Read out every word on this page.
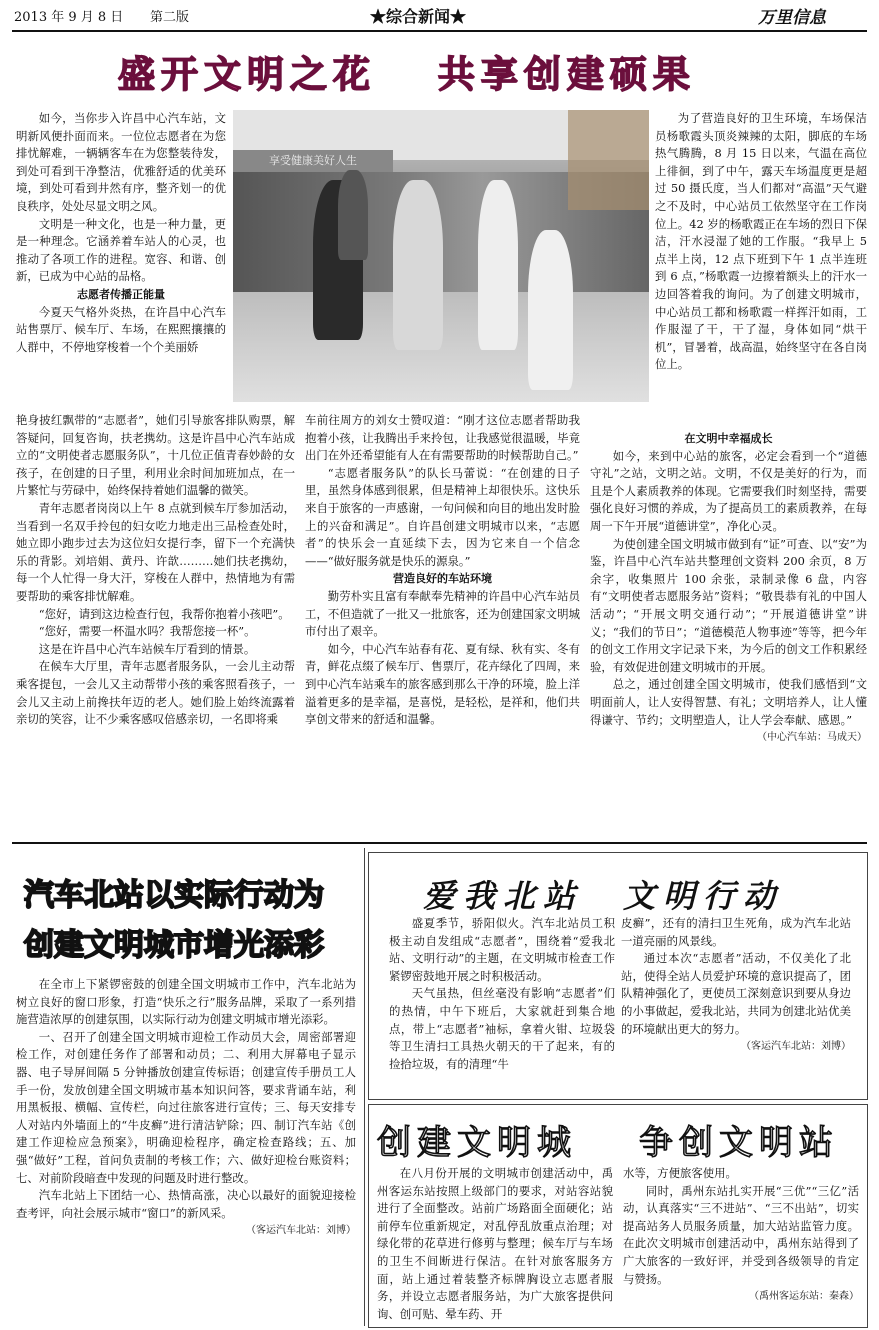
2013 年 9 月 8 日 第二版	★综合新闻★	万里信息
盛开文明之花　 共享创建硕果
享受健康美好人生

如今，当你步入许昌中心汽车站，文明新风便扑面而来。一位位志愿者在为您排忧解难，一辆辆客车在为您整装待发，到处可看到干净整洁，优雅舒适的优美环境，到处可看到井然有序，整齐划一的优良秩序，处处尽显文明之风。

文明是一种文化，也是一种力量，更是一种理念。它涵养着车站人的心灵，也推动了各项工作的进程。宽容、和谐、创新，已成为中心站的品格。

志愿者传播正能量

今夏天气格外炎热，在许昌中心汽车站售票厅、候车厅、车场，在熙熙攘攘的人群中，不停地穿梭着一个个美丽娇

为了营造良好的卫生环境，车场保洁员杨歌霞头顶炎辣辣的太阳，脚底的车场热气腾腾，8 月 15 日以来，气温在高位上徘徊，到了中午，露天车场温度更是超过 50 摄氏度，当人们都对“高温”天气避之不及时，中心站员工依然坚守在工作岗位上。42 岁的杨歌霞正在车场的烈日下保洁，汗水浸湿了她的工作服。“我早上 5 点半上岗，12 点下班到下午 1 点半连班到 6 点，”杨歌霞一边擦着额头上的汗水一边回答着我的询问。为了创建文明城市，中心站员工都和杨歌霞一样挥汗如雨，工作服湿了干，干了湿，身体如同“烘干机”，冒暑着，战高温，始终坚守在各自岗位上。

艳身披红飘带的“志愿者”，她们引导旅客排队购票，解答疑问，回复咨询，扶老携幼。这是许昌中心汽车站成立的“文明使者志愿服务队”，十几位正值青春妙龄的女孩子，在创建的日子里，利用业余时间加班加点，在一片繁忙与劳碌中，始终保持着她们温馨的微笑。

青年志愿者岗岗以上午 8 点就到候车厅参加活动，当看到一名双手拎包的妇女吃力地走出三品检查处时，她立即小跑步过去为这位妇女提行李，留下一个充满快乐的背影。刘培娟、黄丹、许歆………她们扶老携幼，每一个人忙得一身大汗，穿梭在人群中，热情地为有需要帮助的乘客排忧解难。

“您好，请到这边检查行包，我帮你抱着小孩吧”。

“您好，需要一杯温水吗？我帮您接一杯”。

这是在许昌中心汽车站候车厅看到的情景。

在候车大厅里，青年志愿者服务队，一会儿主动帮乘客提包，一会儿又主动帮带小孩的乘客照看孩子，一会儿又主动上前搀扶年迈的老人。她们脸上始终流露着亲切的笑容，让不少乘客感叹倍感亲切，一名即将乘

车前往周方的刘女士赞叹道：“刚才这位志愿者帮助我抱着小孩，让我腾出手来拎包，让我感觉很温暖，毕竟出门在外还希望能有人在有需要帮助的时候帮助自己。”

“志愿者服务队”的队长马蕾说：“在创建的日子里，虽然身体感到很累，但是精神上却很快乐。这快乐来自于旅客的一声感谢，一句问候和向目的地出发时脸上的兴奋和满足”。自许昌创建文明城市以来，“志愿者”的快乐会一直延续下去，因为它来自一个信念——“做好服务就是快乐的源泉。”

营造良好的车站环境

勤劳朴实且富有奉献奉先精神的许昌中心汽车站员工，不但造就了一批又一批旅客，还为创建国家文明城市付出了艰辛。

如今，中心汽车站春有花、夏有绿、秋有实、冬有青，鲜花点缀了候车厅、售票厅，花卉绿化了四周，来到中心汽车站乘车的旅客感到那么干净的环境，脸上洋溢着更多的是幸福，是喜悦，是轻松，是祥和，他们共享创文带来的舒适和温馨。

在文明中幸福成长

如今，来到中心站的旅客，必定会看到一个“道德守礼”之站，文明之站。文明，不仅是美好的行为，而且是个人素质教养的体现。它需要我们时刻坚持，需要强化良好习惯的养成，为了提高员工的素质教养，在每周一下午开展“道德讲堂”，净化心灵。

为使创建全国文明城市做到有“证”可查、以“安”为鉴，许昌中心汽车站共整理创文资料 200 余页，8 万余字，收集照片 100 余张，录制录像 6 盘，内容有“文明使者志愿服务站”资料；“敬畏恭有礼的中国人活动”；“开展文明交通行动”；“开展道德讲堂”讲义；“我们的节日”；“道德模范人物事迹”等等，把今年的创文工作用文字记录下来，为今后的创文工作积累经验，有效促进创建文明城市的开展。

总之，通过创建全国文明城市，使我们感悟到“文明面前人，让人安得智慧、有礼；文明培养人，让人懂得谦守、节约；文明塑造人，让人学会奉献、感恩。”

（中心汽车站：马成天）

汽车北站以实际行动为
创建文明城市增光添彩

在全市上下紧锣密鼓的创建全国文明城市工作中，汽车北站为树立良好的窗口形象，打造“快乐之行”服务品牌，采取了一系列措施营造浓厚的创建氛围，以实际行动为创建文明城市增光添彩。

一、召开了创建全国文明城市迎检工作动员大会，周密部署迎检工作，对创建任务作了部署和动员；二、利用大屏幕电子显示器、电子导屏间隔 5 分钟播放创建宣传标语；创建宣传手册员工人手一份，发放创建全国文明城市基本知识问答，要求背诵车站，利用黑板报、横幅、宣传栏，向过往旅客进行宣传；三、每天安排专人对站内外墙面上的“牛皮癣”进行清洁铲除；四、制订汽车站《创建工作迎检应急预案》，明确迎检程序，确定检查路线；五、加强“做好”工程，首问负责制的考核工作；六、做好迎检台账资料；七、对前阶段暗查中发现的问题及时进行整改。

汽车北站上下团结一心、热情高涨，决心以最好的面貌迎接检查考评，向社会展示城市“窗口”的新风采。

（客运汽车北站：刘博）

爱我北站　文明行动

盛夏季节，骄阳似火。汽车北站员工积极主动自发组成“志愿者”，围绕着“爱我北站、文明行动”的主题，在文明城市检查工作紧锣密鼓地开展之时积极活动。

天气虽热，但丝毫没有影响“志愿者”们的热情，中午下班后，大家就赶到集合地点，带上“志愿者”袖标，拿着火钳、垃圾袋等卫生清扫工具热火朝天的干了起来，有的捡拾垃圾，有的清理“牛

皮癣”，还有的清扫卫生死角，成为汽车北站一道亮丽的风景线。

通过本次“志愿者”活动，不仅美化了北站，使得全站人员爱护环境的意识提高了，团队精神强化了，更使员工深刻意识到要从身边的小事做起，爱我北站，共同为创建北站优美的环境献出更大的努力。

（客运汽车北站：刘博）

创建文明城 争创文明站

在八月份开展的文明城市创建活动中，禹州客运东站按照上级部门的要求，对站容站貌进行了全面整改。站前广场路面全面硬化；站前停车位重新规定，对乱停乱放重点治理；对绿化带的花草进行修剪与整理；候车厅与车场的卫生不间断进行保洁。在针对旅客服务方面，站上通过着装整齐标牌胸设立志愿者服务，并设立志愿者服务站，为广大旅客提供问询、创可贴、晕车药、开

水等，方便旅客使用。

同时，禹州东站扎实开展“三优”“三亿”活动，认真落实“三不进站”、“三不出站”，切实提高站务人员服务质量，加大站站监管力度。在此次文明城市创建活动中，禹州东站得到了广大旅客的一致好评，并受到各级领导的肯定与赞扬。

（禹州客运东站：秦森）
